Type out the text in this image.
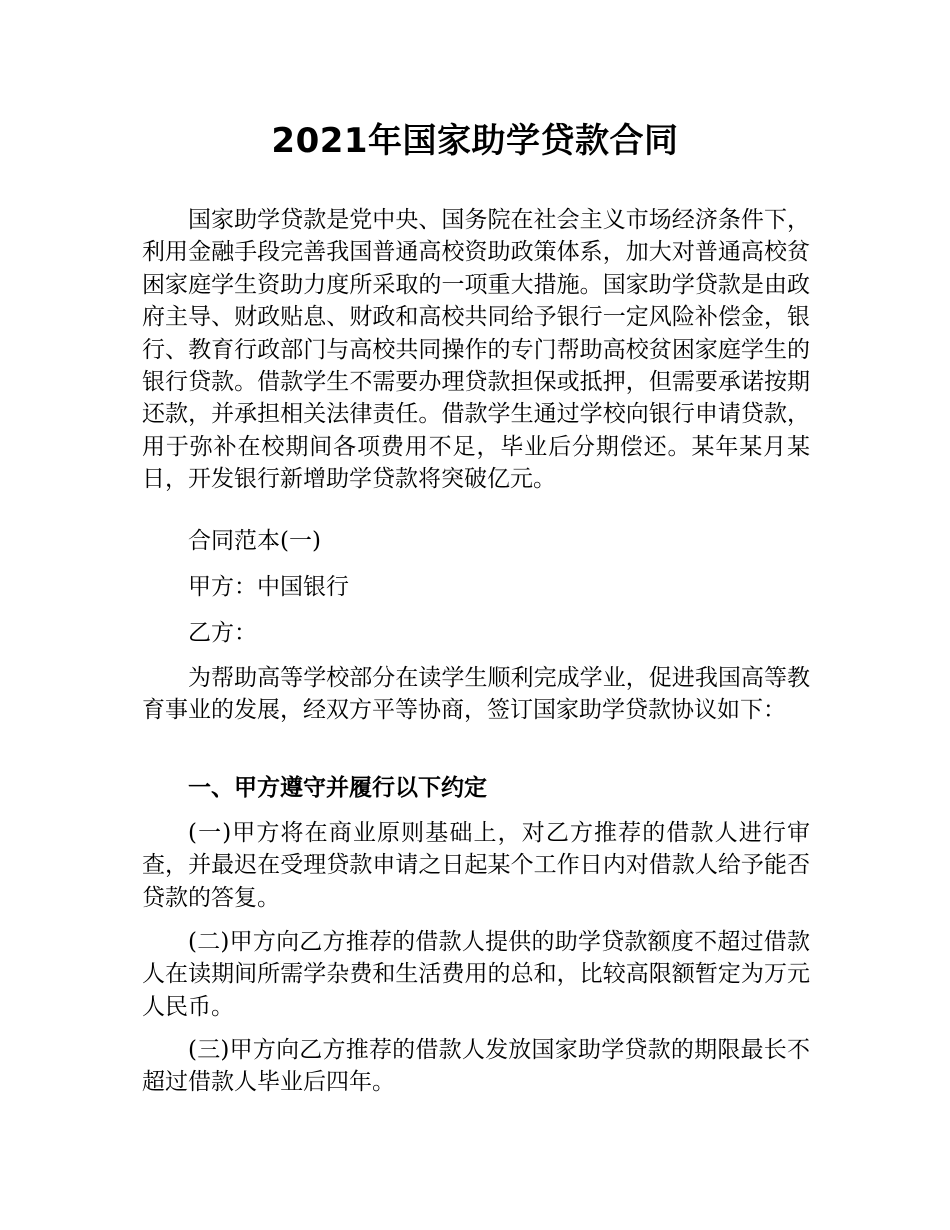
2021年国家助学贷款合同

国家助学贷款是党中央、国务院在社会主义市场经济条件下，利用金融手段完善我国普通高校资助政策体系，加大对普通高校贫困家庭学生资助力度所采取的一项重大措施。国家助学贷款是由政府主导、财政贴息、财政和高校共同给予银行一定风险补偿金，银行、教育行政部门与高校共同操作的专门帮助高校贫困家庭学生的银行贷款。借款学生不需要办理贷款担保或抵押，但需要承诺按期还款，并承担相关法律责任。借款学生通过学校向银行申请贷款，用于弥补在校期间各项费用不足，毕业后分期偿还。某年某月某日，开发银行新增助学贷款将突破亿元。

合同范本(一)

甲方：中国银行

乙方：

为帮助高等学校部分在读学生顺利完成学业，促进我国高等教育事业的发展，经双方平等协商，签订国家助学贷款协议如下：

一、甲方遵守并履行以下约定

(一)甲方将在商业原则基础上，对乙方推荐的借款人进行审查，并最迟在受理贷款申请之日起某个工作日内对借款人给予能否贷款的答复。

(二)甲方向乙方推荐的借款人提供的助学贷款额度不超过借款人在读期间所需学杂费和生活费用的总和，比较高限额暂定为万元人民币。

(三)甲方向乙方推荐的借款人发放国家助学贷款的期限最长不超过借款人毕业后四年。
